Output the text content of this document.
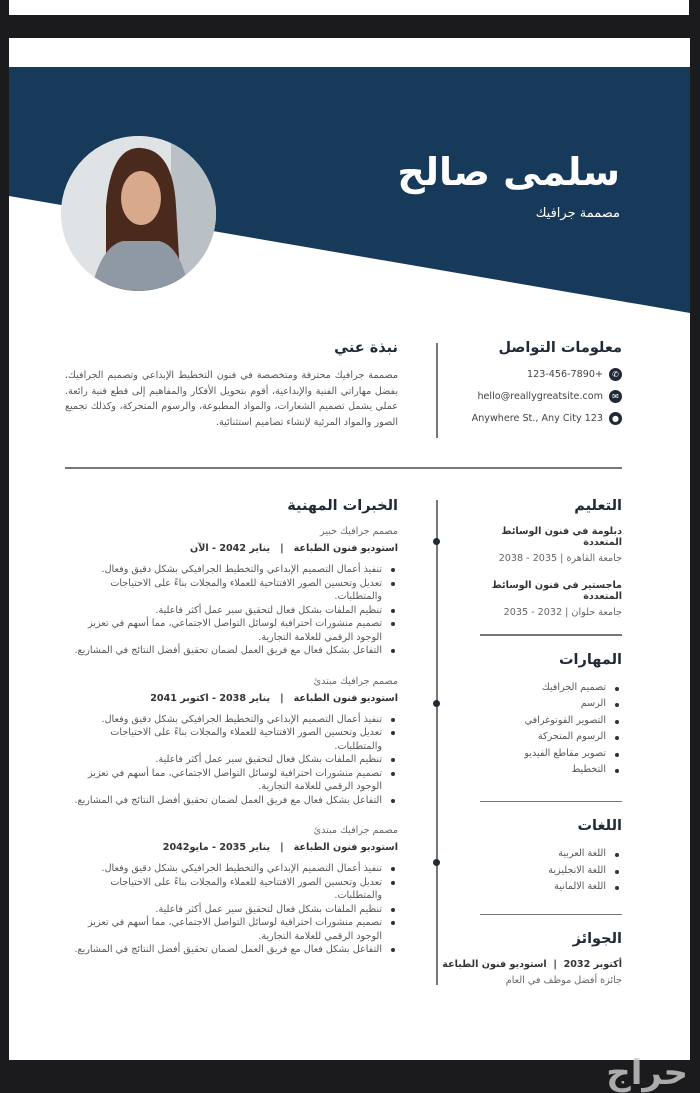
سلمى صالح
مصممة جرافيك
معلومات التواصل
✆
123-456-7890+
✉
hello@reallygreatsite.com
●
Anywhere St., Any City 123
نبذة عني

مصممة جرافيك محترفة ومتخصصة في فنون التخطيط الإبداعي وتصميم الجرافيك. بفضل مهاراتي الفنية والإبداعية، أقوم بتحويل الأفكار والمفاهيم إلى قطع فنية رائعة. عملي يشمل تصميم الشعارات، والمواد المطبوعة، والرسوم المتحركة، وكذلك تجميع الصور والمواد المرئية لإنشاء تصاميم استثنائية.

التعليم
دبلومة في فنون الوسائط المتعددة
جامعة القاهرة | 2035 - 2038
ماجستير في فنون الوسائط المتعددة
جامعة حلوان | 2032 - 2035
المهارات
تصميم الجرافيك
الرسم
التصوير الفوتوغرافي
الرسوم المتحركة
تصوير مقاطع الفيديو
التخطيط
اللغات
اللغة العربية
اللغة الانجليزية
اللغة الالمانية
الجوائز
أكتوبر 2032  |  استوديو فنون الطباعة
جائزة أفضل موظف في العام
الخبرات المهنية
مصمم جرافيك خبير
استوديو فنون الطباعة   |   يناير 2042 - الآن
تنفيذ أعمال التصميم الإبداعي والتخطيط الجرافيكي بشكل دقيق وفعال.
تعديل وتحسين الصور الافتتاحية للعملاء والمجلات بناءً على الاحتياجات والمتطلبات.
تنظيم الملفات بشكل فعال لتحقيق سير عمل أكثر فاعلية.
تصميم منشورات احترافية لوسائل التواصل الاجتماعي، مما أسهم في تعزيز الوجود الرقمي للعلامة التجارية.
التفاعل بشكل فعال مع فريق العمل لضمان تحقيق أفضل النتائج في المشاريع.
مصمم جرافيك مبتدئ
استوديو فنون الطباعة   |   يناير 2038 - اكتوبر 2041
تنفيذ أعمال التصميم الإبداعي والتخطيط الجرافيكي بشكل دقيق وفعال.
تعديل وتحسين الصور الافتتاحية للعملاء والمجلات بناءً على الاحتياجات والمتطلبات.
تنظيم الملفات بشكل فعال لتحقيق سير عمل أكثر فاعلية.
تصميم منشورات احترافية لوسائل التواصل الاجتماعي، مما أسهم في تعزيز الوجود الرقمي للعلامة التجارية.
التفاعل بشكل فعال مع فريق العمل لضمان تحقيق أفضل النتائج في المشاريع.
مصمم جرافيك مبتدئ
استوديو فنون الطباعة   |   يناير 2035 - مايو2042
تنفيذ أعمال التصميم الإبداعي والتخطيط الجرافيكي بشكل دقيق وفعال.
تعديل وتحسين الصور الافتتاحية للعملاء والمجلات بناءً على الاحتياجات والمتطلبات.
تنظيم الملفات بشكل فعال لتحقيق سير عمل أكثر فاعلية.
تصميم منشورات احترافية لوسائل التواصل الاجتماعي، مما أسهم في تعزيز الوجود الرقمي للعلامة التجارية.
التفاعل بشكل فعال مع فريق العمل لضمان تحقيق أفضل النتائج في المشاريع.
حراج
